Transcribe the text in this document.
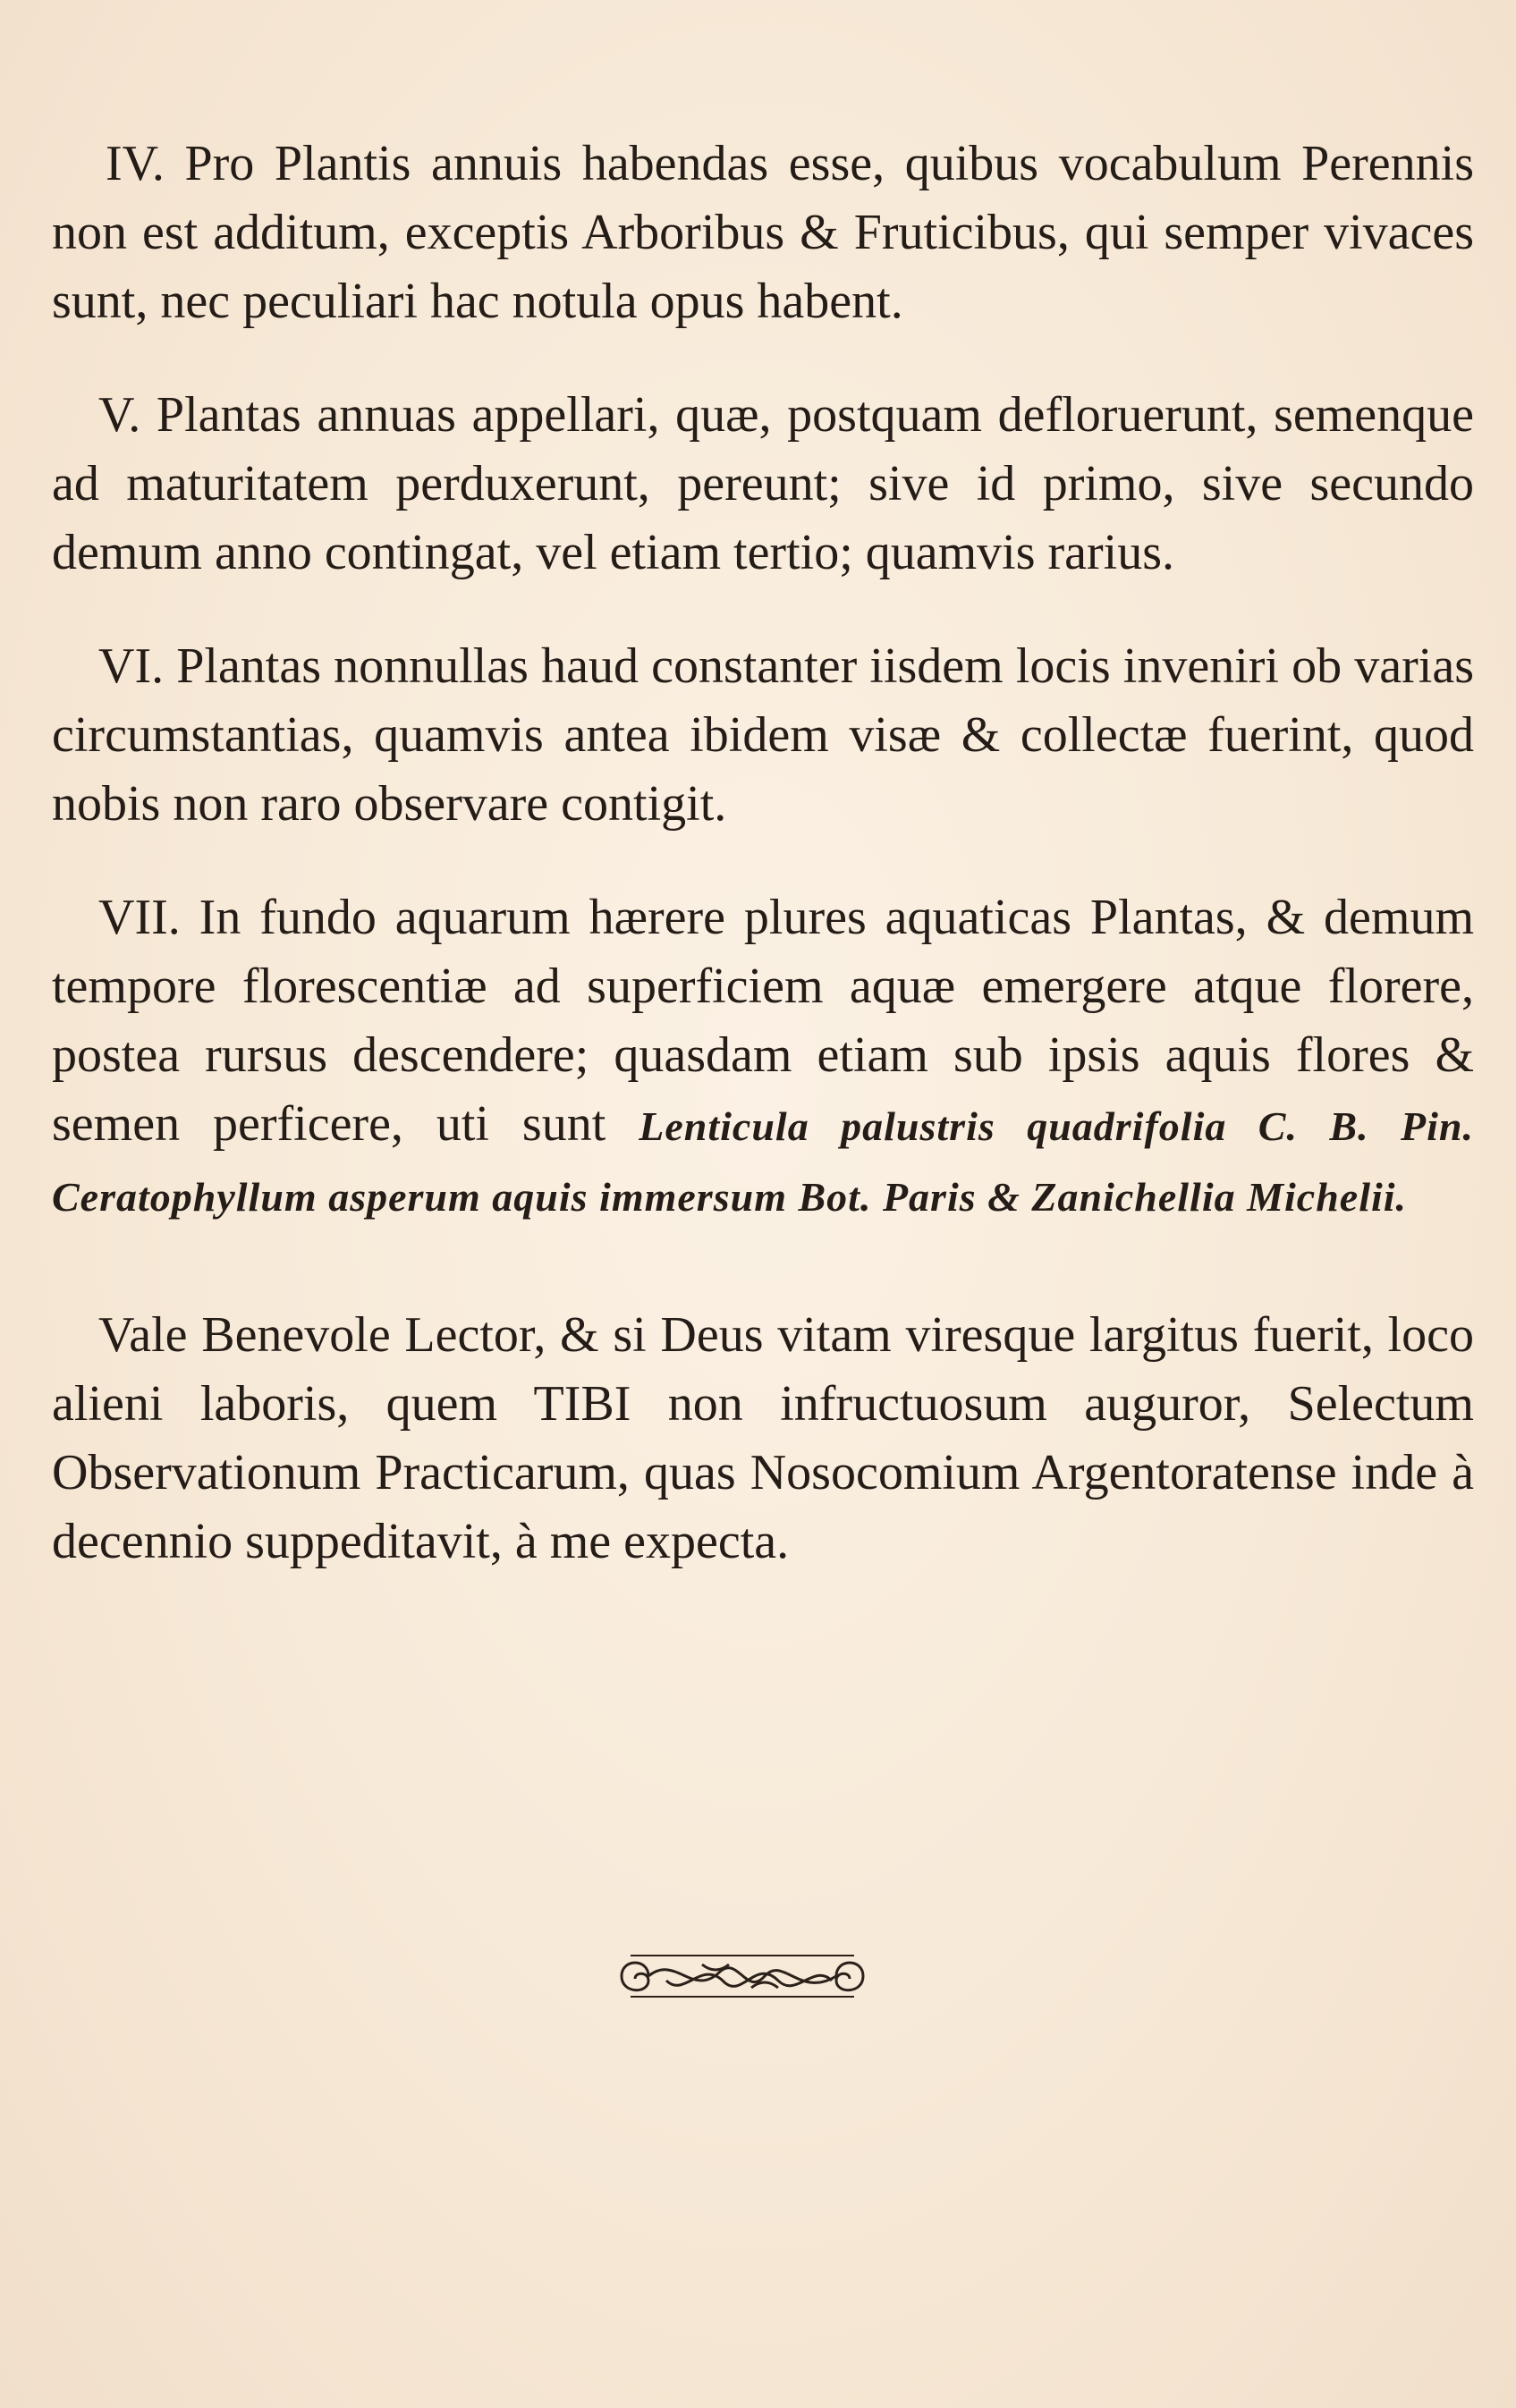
IV. Pro Plantis annuis habendas esse, quibus vocabulum Perennis non est additum, exceptis Arboribus & Fruticibus, qui semper vivaces sunt, nec peculiari hac notula opus habent.

V. Plantas annuas appellari, quæ, postquam defloruerunt, semenque ad maturitatem perduxerunt, pereunt; sive id primo, sive secundo demum anno contingat, vel etiam tertio; quamvis rarius.

VI. Plantas nonnullas haud constanter iisdem locis inveniri ob varias circumstantias, quamvis antea ibidem visæ & collectæ fuerint, quod nobis non raro observare contigit.

VII. In fundo aquarum hærere plures aquaticas Plantas, & demum tempore florescentiæ ad superficiem aquæ emergere atque florere, postea rursus descendere; quasdam etiam sub ipsis aquis flores & semen perficere, uti sunt Lenticula palustris quadrifolia C. B. Pin. Ceratophyllum asperum aquis immersum Bot. Paris & Zanichellia Michelii.

Vale Benevole Lector, & si Deus vitam viresque largitus fuerit, loco alieni laboris, quem TIBI non infructuosum auguror, Selectum Observationum Practicarum, quas Nosocomium Argentoratense inde à decennio suppeditavit, à me expecta.
